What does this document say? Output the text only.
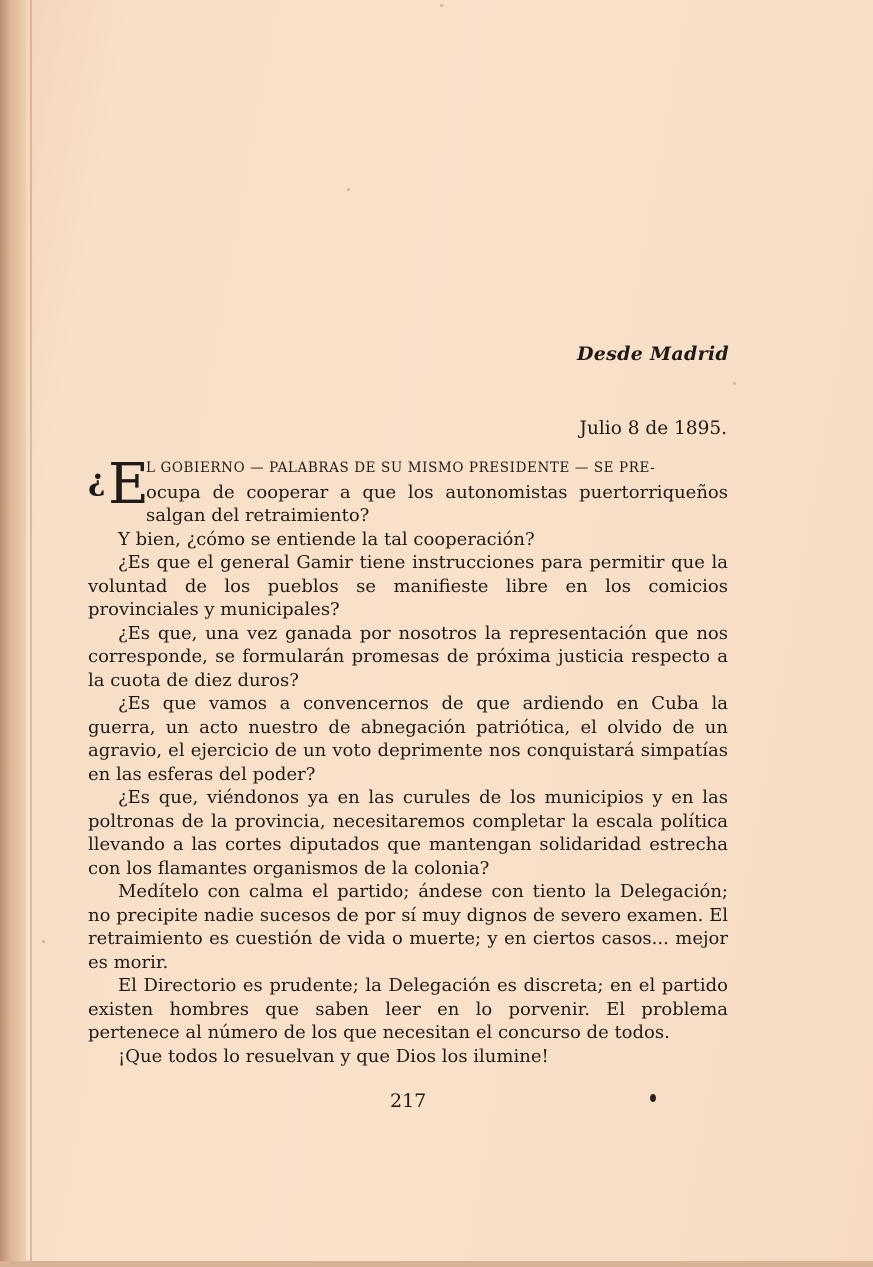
Desde Madrid
Julio 8 de 1895.
¿ E
L GOBIERNO — PALABRAS DE SU MISMO PRESIDENTE — SE PRE-
ocupa de cooperar a que los autonomistas puertorriqueños salgan del retraimiento?

Y bien, ¿cómo se entiende la tal cooperación?

¿Es que el general Gamir tiene instrucciones para permitir que la voluntad de los pueblos se manifieste libre en los comicios provinciales y municipales?

¿Es que, una vez ganada por nosotros la representación que nos corresponde, se formularán promesas de próxima justicia respecto a la cuota de diez duros?

¿Es que vamos a convencernos de que ardiendo en Cuba la guerra, un acto nuestro de abnegación patriótica, el olvido de un agravio, el ejercicio de un voto deprimente nos conquistará simpatías en las esferas del poder?

¿Es que, viéndonos ya en las curules de los municipios y en las poltronas de la provincia, necesitaremos completar la escala política llevando a las cortes diputados que mantengan solidaridad estrecha con los flamantes organismos de la colonia?

Medítelo con calma el partido; ándese con tiento la Delegación; no precipite nadie sucesos de por sí muy dignos de severo examen. El retraimiento es cuestión de vida o muerte; y en ciertos casos... mejor es morir.

El Directorio es prudente; la Delegación es discreta; en el partido existen hombres que saben leer en lo porvenir. El problema pertenece al número de los que necesitan el concurso de todos.

¡Que todos lo resuelvan y que Dios los ilumine!

217
